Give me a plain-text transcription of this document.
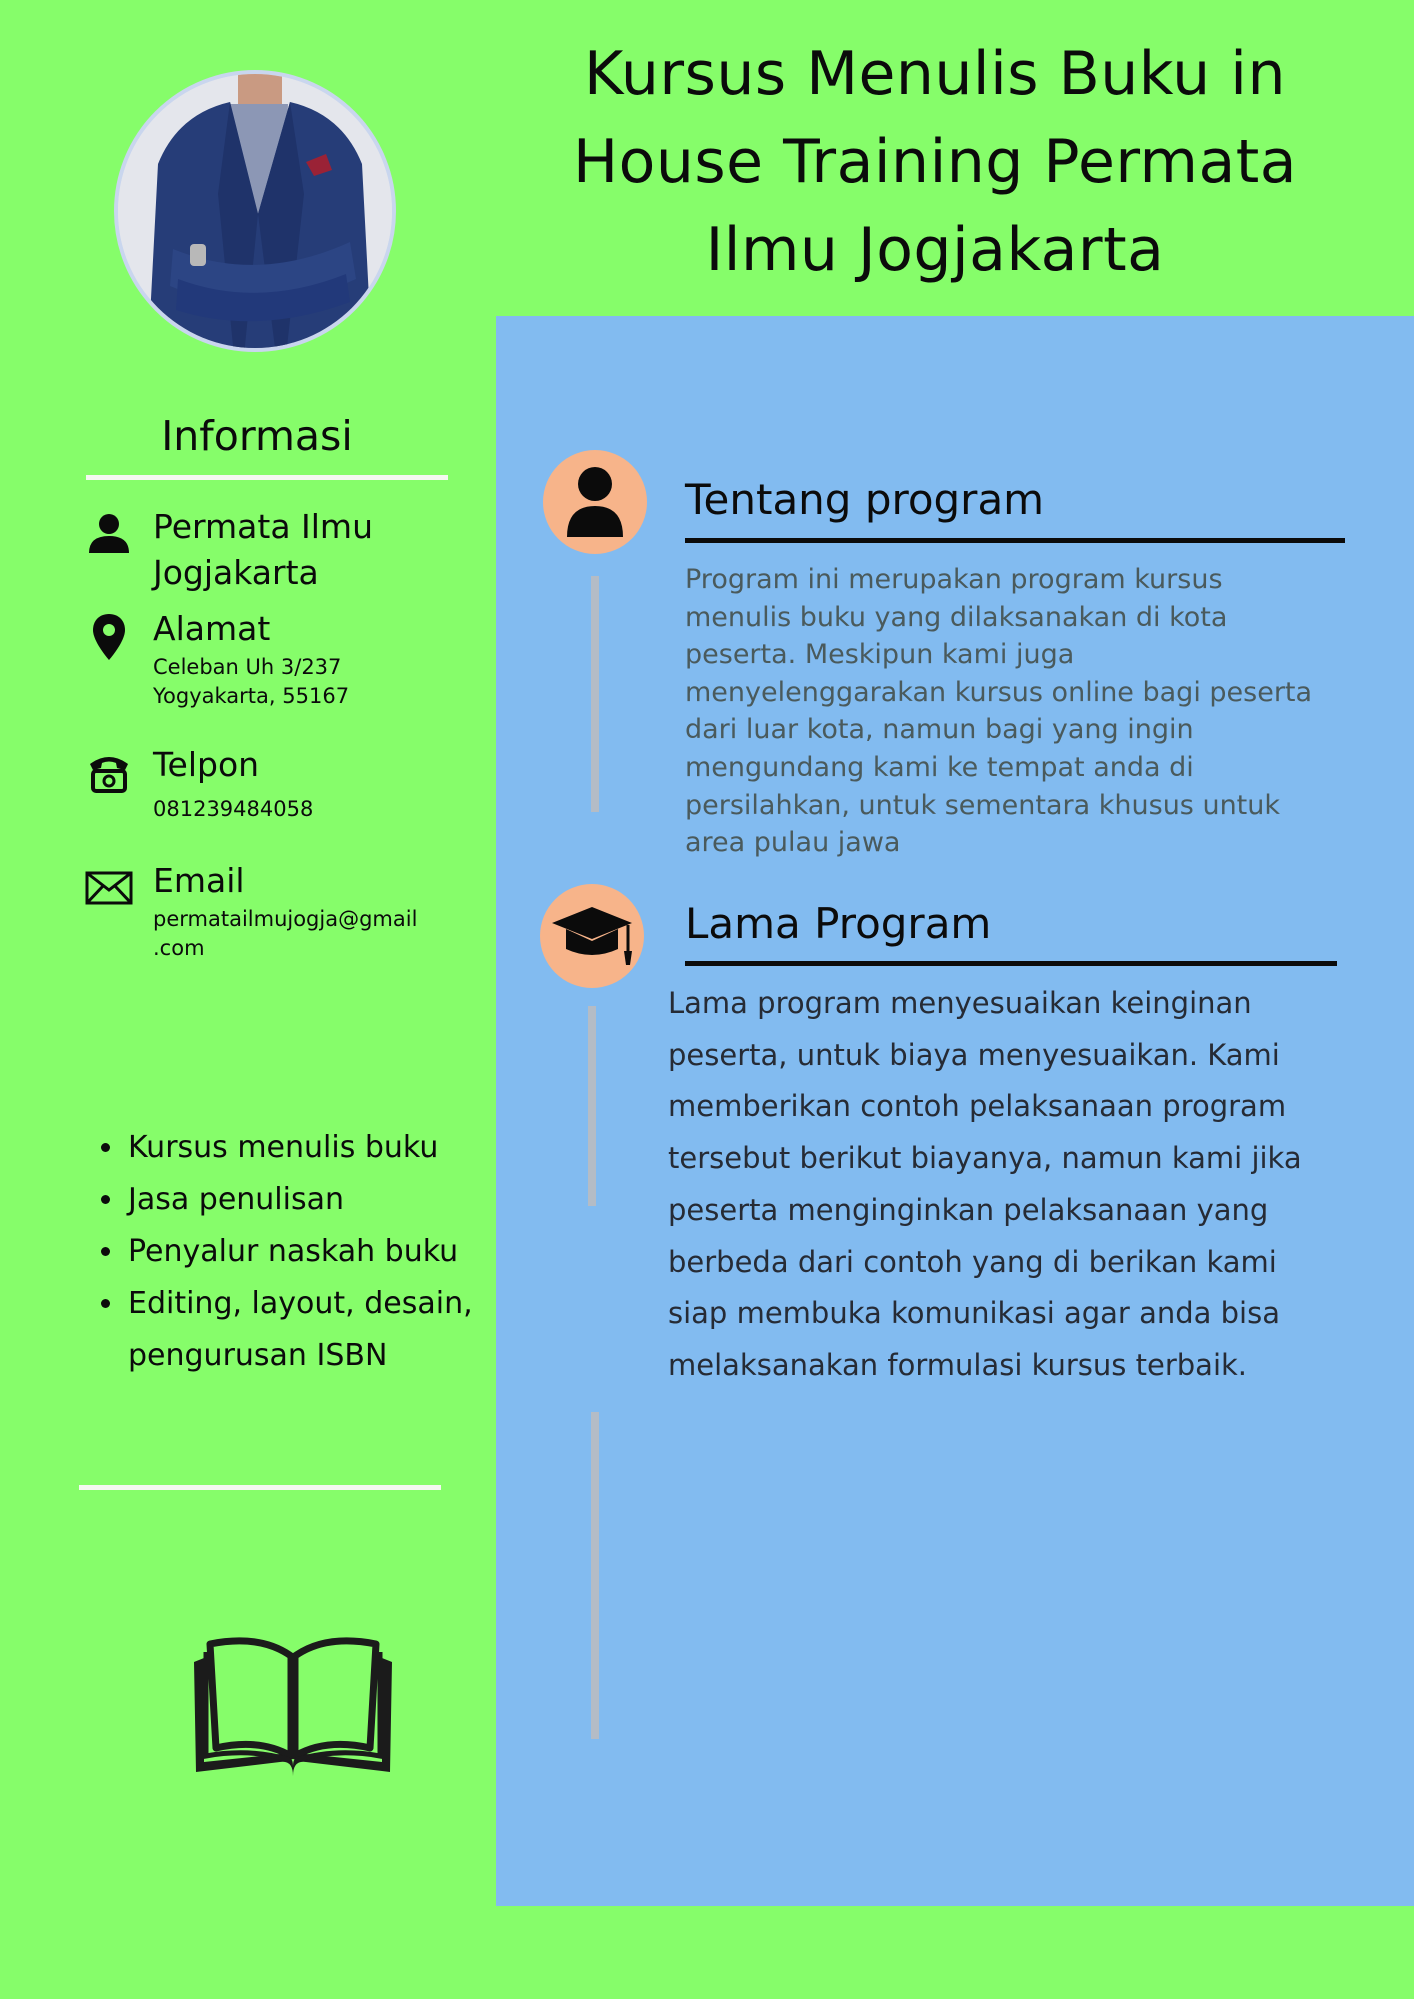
Kursus Menulis Buku in
House Training Permata
Ilmu Jogjakarta
Informasi
Permata Ilmu
Jogjakarta
Alamat
Celeban Uh 3/237
Yogyakarta, 55167
Telpon
081239484058
Email
permatailmujogja@gmail
.com
• Kursus menulis buku
• Jasa penulisan
• Penyalur naskah buku
• Editing, layout, desain, pengurusan ISBN
Tentang program
Program ini merupakan program kursus
menulis buku yang dilaksanakan di kota
peserta. Meskipun kami juga
menyelenggarakan kursus online bagi peserta
dari luar kota, namun bagi yang ingin
mengundang kami ke tempat anda di
persilahkan, untuk sementara khusus untuk
area pulau jawa
Lama Program
Lama program menyesuaikan keinginan
peserta, untuk biaya menyesuaikan. Kami
memberikan contoh pelaksanaan program
tersebut berikut biayanya, namun kami jika
peserta menginginkan pelaksanaan yang
berbeda dari contoh yang di berikan kami
siap membuka komunikasi agar anda bisa
melaksanakan formulasi kursus terbaik.
